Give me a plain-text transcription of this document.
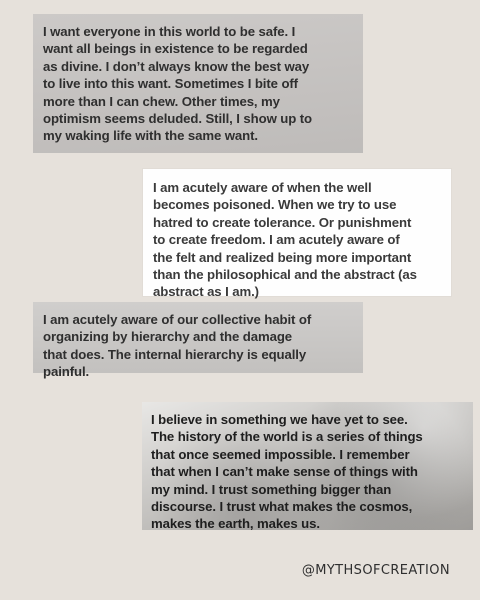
I want everyone in this world to be safe. I

want all beings in existence to be regarded

as divine. I don’t always know the best way

to live into this want. Sometimes I bite off

more than I can chew. Other times, my

optimism seems deluded. Still, I show up to

my waking life with the same want.

I am acutely aware of when the well

becomes poisoned. When we try to use

hatred to create tolerance. Or punishment

to create freedom. I am acutely aware of

the felt and realized being more important

than the philosophical and the abstract (as

abstract as I am.)

I am acutely aware of our collective habit of

organizing by hierarchy and the damage

that does. The internal hierarchy is equally

painful.

I believe in something we have yet to see.

The history of the world is a series of things

that once seemed impossible. I remember

that when I can’t make sense of things with

my mind. I trust something bigger than

discourse. I trust what makes the cosmos,

makes the earth, makes us.

@MYTHSOFCREATION
